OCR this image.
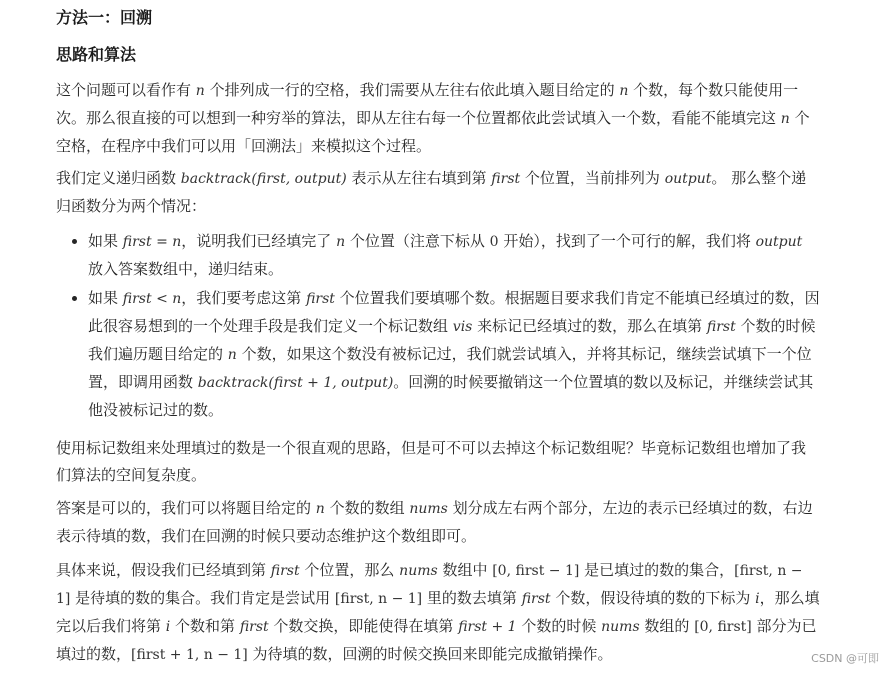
方法一：回溯
思路和算法

这个问题可以看作有 n 个排列成一行的空格，我们需要从左往右依此填入题目给定的 n 个数，每个数只能使用一次。那么很直接的可以想到一种穷举的算法，即从左往右每一个位置都依此尝试填入一个数，看能不能填完这 n 个空格，在程序中我们可以用「回溯法」来模拟这个过程。

我们定义递归函数 backtrack(first, output) 表示从左往右填到第 first 个位置，当前排列为 output。 那么整个递归函数分为两个情况：

• 如果 first = n，说明我们已经填完了 n 个位置（注意下标从 0 开始），找到了一个可行的解，我们将 output 放入答案数组中，递归结束。
• 如果 first < n，我们要考虑这第 first 个位置我们要填哪个数。根据题目要求我们肯定不能填已经填过的数，因此很容易想到的一个处理手段是我们定义一个标记数组 vis 来标记已经填过的数，那么在填第 first 个数的时候我们遍历题目给定的 n 个数，如果这个数没有被标记过，我们就尝试填入，并将其标记，继续尝试填下一个位置，即调用函数 backtrack(first + 1, output)。回溯的时候要撤销这一个位置填的数以及标记，并继续尝试其他没被标记过的数。

使用标记数组来处理填过的数是一个很直观的思路，但是可不可以去掉这个标记数组呢？毕竟标记数组也增加了我们算法的空间复杂度。

答案是可以的，我们可以将题目给定的 n 个数的数组 nums 划分成左右两个部分，左边的表示已经填过的数，右边表示待填的数，我们在回溯的时候只要动态维护这个数组即可。

具体来说，假设我们已经填到第 first 个位置，那么 nums 数组中 [0, first − 1] 是已填过的数的集合，[first, n − 1] 是待填的数的集合。我们肯定是尝试用 [first, n − 1] 里的数去填第 first 个数，假设待填的数的下标为 i，那么填完以后我们将第 i 个数和第 first 个数交换，即能使得在填第 first + 1 个数的时候 nums 数组的 [0, first] 部分为已填过的数，[first + 1, n − 1] 为待填的数，回溯的时候交换回来即能完成撤销操作。	CSDN @可即
